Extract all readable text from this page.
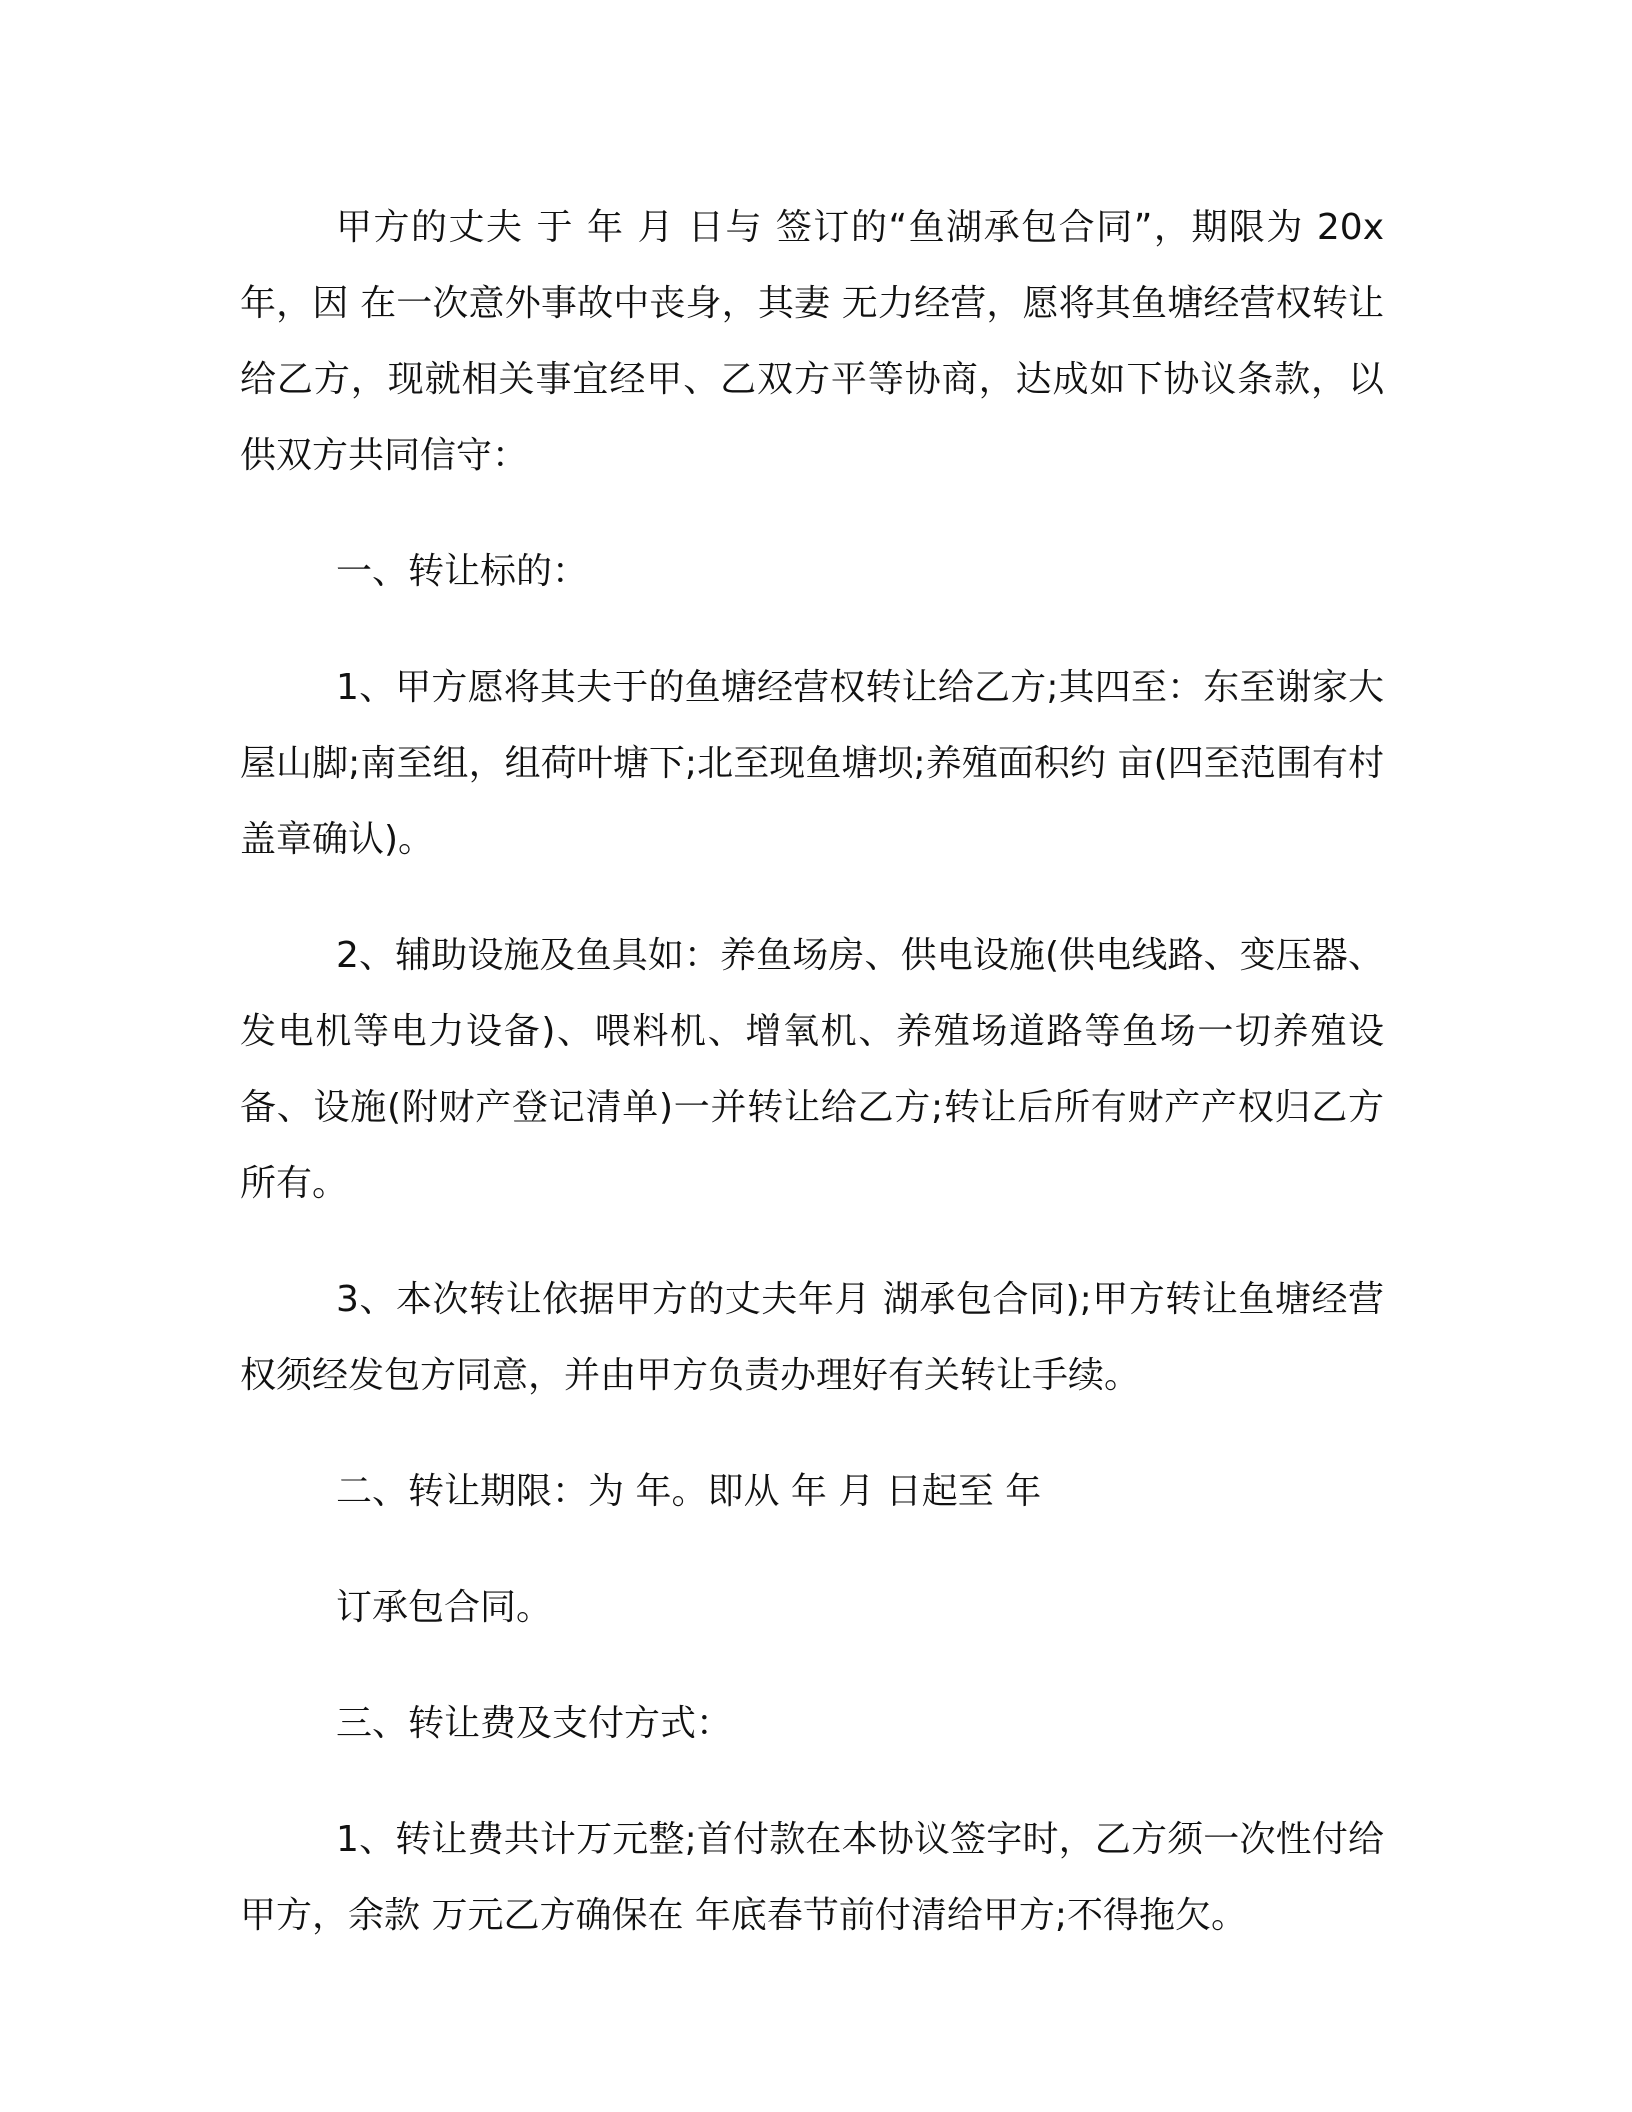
甲方的丈夫 于 年 月 日与 签订的“鱼湖承包合同”，期限为 20x 年，因 在一次意外事故中丧身，其妻 无力经营，愿将其鱼塘经营权转让给乙方，现就相关事宜经甲、乙双方平等协商，达成如下协议条款，以供双方共同信守：

一、转让标的：

1、甲方愿将其夫于的鱼塘经营权转让给乙方;其四至：东至谢家大屋山脚;南至组，组荷叶塘下;北至现鱼塘坝;养殖面积约 亩(四至范围有村盖章确认)。

2、辅助设施及鱼具如：养鱼场房、供电设施(供电线路、变压器、发电机等电力设备)、喂料机、增氧机、养殖场道路等鱼场一切养殖设备、设施(附财产登记清单)一并转让给乙方;转让后所有财产产权归乙方所有。

3、本次转让依据甲方的丈夫年月 湖承包合同);甲方转让鱼塘经营权须经发包方同意，并由甲方负责办理好有关转让手续。

二、转让期限：为 年。即从 年 月 日起至 年

订承包合同。

三、转让费及支付方式：

1、转让费共计万元整;首付款在本协议签字时，乙方须一次性付给甲方，余款 万元乙方确保在 年底春节前付清给甲方;不得拖欠。
